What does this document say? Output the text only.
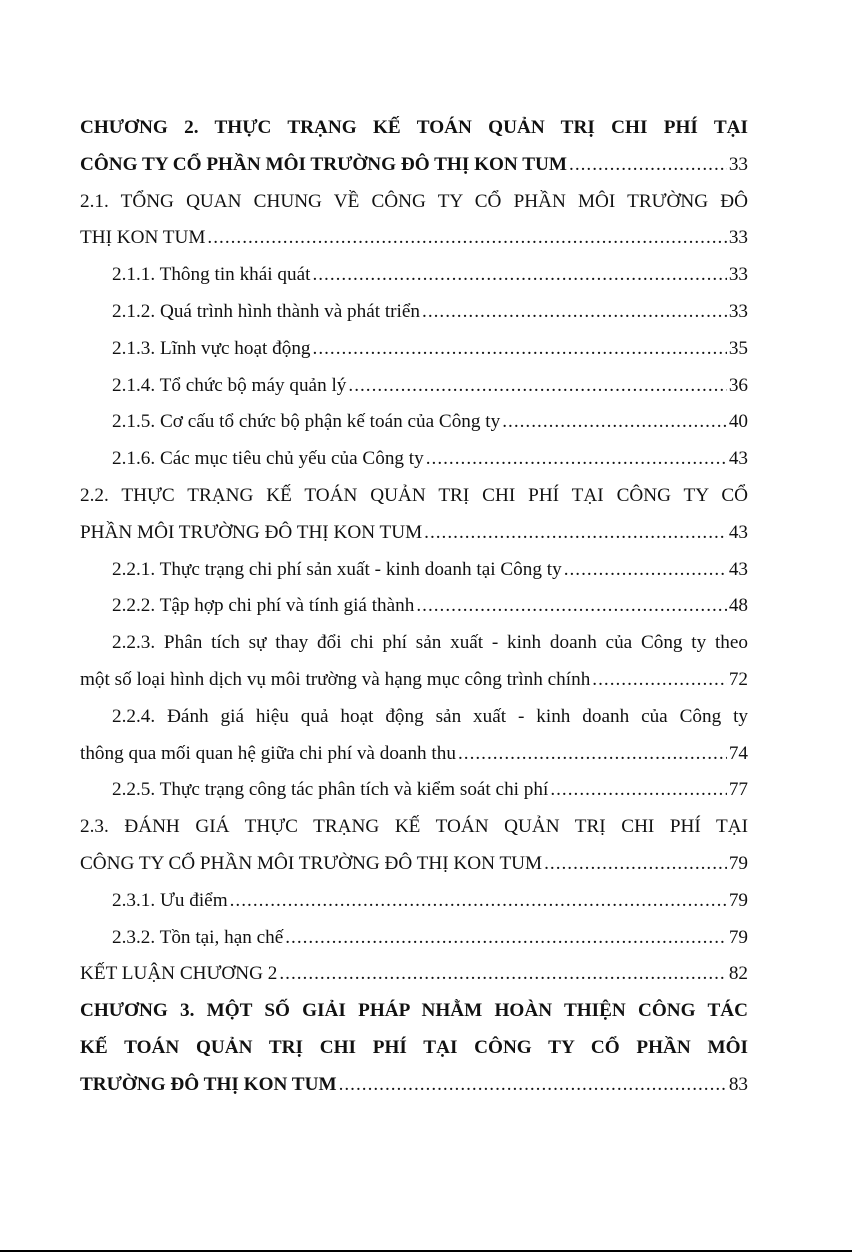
CHƯƠNG 2. THỰC TRẠNG KẾ TOÁN QUẢN TRỊ CHI PHÍ TẠI
CÔNG TY CỔ PHẦN MÔI TRƯỜNG ĐÔ THỊ KON TUM .....	33
2.1. TỔNG QUAN CHUNG VỀ CÔNG TY CỔ PHẦN MÔI TRƯỜNG ĐÔ
THỊ KON TUM .....	33
2.1.1. Thông tin khái quát .....	33
2.1.2. Quá trình hình thành và phát triển .....	33
2.1.3. Lĩnh vực hoạt động .....	35
2.1.4. Tổ chức bộ máy quản lý .....	36
2.1.5. Cơ cấu tổ chức bộ phận kế toán của Công ty .....	40
2.1.6. Các mục tiêu chủ yếu của Công ty .....	43
2.2. THỰC TRẠNG KẾ TOÁN QUẢN TRỊ CHI PHÍ TẠI CÔNG TY CỔ
PHẦN MÔI TRƯỜNG ĐÔ THỊ KON TUM .....	43
2.2.1. Thực trạng chi phí sản xuất - kinh doanh tại Công ty .....	43
2.2.2. Tập hợp chi phí và tính giá thành .....	48
2.2.3. Phân tích sự thay đổi chi phí sản xuất - kinh doanh của Công ty theo
một số loại hình dịch vụ môi trường và hạng mục công trình chính .....	72
2.2.4. Đánh giá hiệu quả hoạt động sản xuất - kinh doanh của Công ty
thông qua mối quan hệ giữa chi phí và doanh thu .....	74
2.2.5. Thực trạng công tác phân tích và kiểm soát chi phí .....	77
2.3. ĐÁNH GIÁ THỰC TRẠNG KẾ TOÁN QUẢN TRỊ CHI PHÍ TẠI
CÔNG TY CỔ PHẦN MÔI TRƯỜNG ĐÔ THỊ KON TUM .....	79
2.3.1. Ưu điểm .....	79
2.3.2. Tồn tại, hạn chế .....	79
KẾT LUẬN CHƯƠNG 2 .....	82
CHƯƠNG 3. MỘT SỐ GIẢI PHÁP NHẰM HOÀN THIỆN CÔNG TÁC
KẾ TOÁN QUẢN TRỊ CHI PHÍ TẠI CÔNG TY CỔ PHẦN MÔI
TRƯỜNG ĐÔ THỊ KON TUM .....	83
